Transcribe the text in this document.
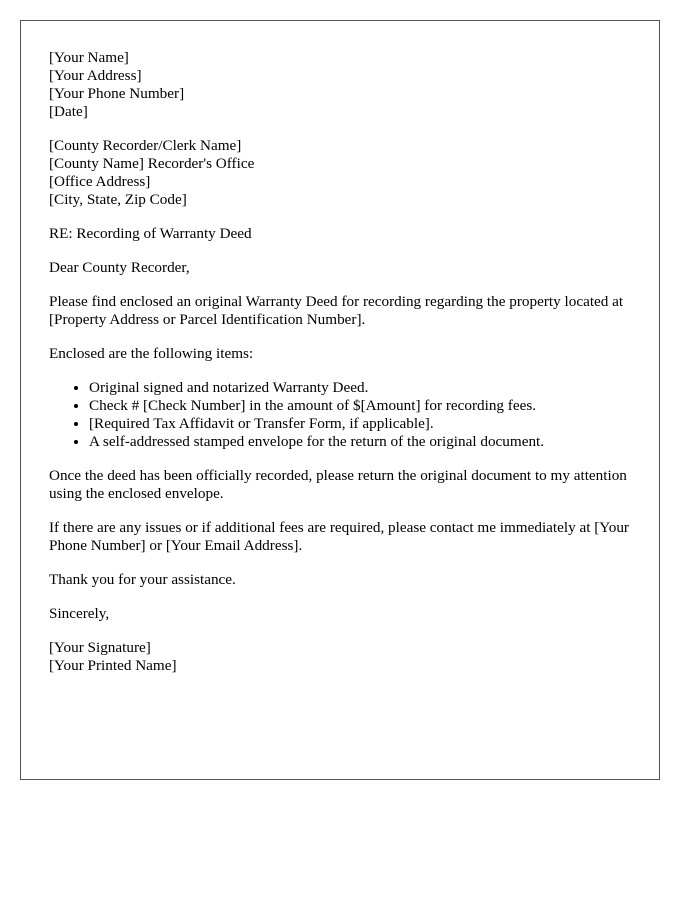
[Your Name]
[Your Address]
[Your Phone Number]
[Date]
[County Recorder/Clerk Name]
[County Name] Recorder's Office
[Office Address]
[City, State, Zip Code]

RE: Recording of Warranty Deed

Dear County Recorder,

Please find enclosed an original Warranty Deed for recording regarding the property located at [Property Address or Parcel Identification Number].

Enclosed are the following items:

• Original signed and notarized Warranty Deed.
• Check # [Check Number] in the amount of $[Amount] for recording fees.
• [Required Tax Affidavit or Transfer Form, if applicable].
• A self-addressed stamped envelope for the return of the original document.

Once the deed has been officially recorded, please return the original document to my attention using the enclosed envelope.

If there are any issues or if additional fees are required, please contact me immediately at [Your Phone Number] or [Your Email Address].

Thank you for your assistance.

Sincerely,

[Your Signature]
[Your Printed Name]
